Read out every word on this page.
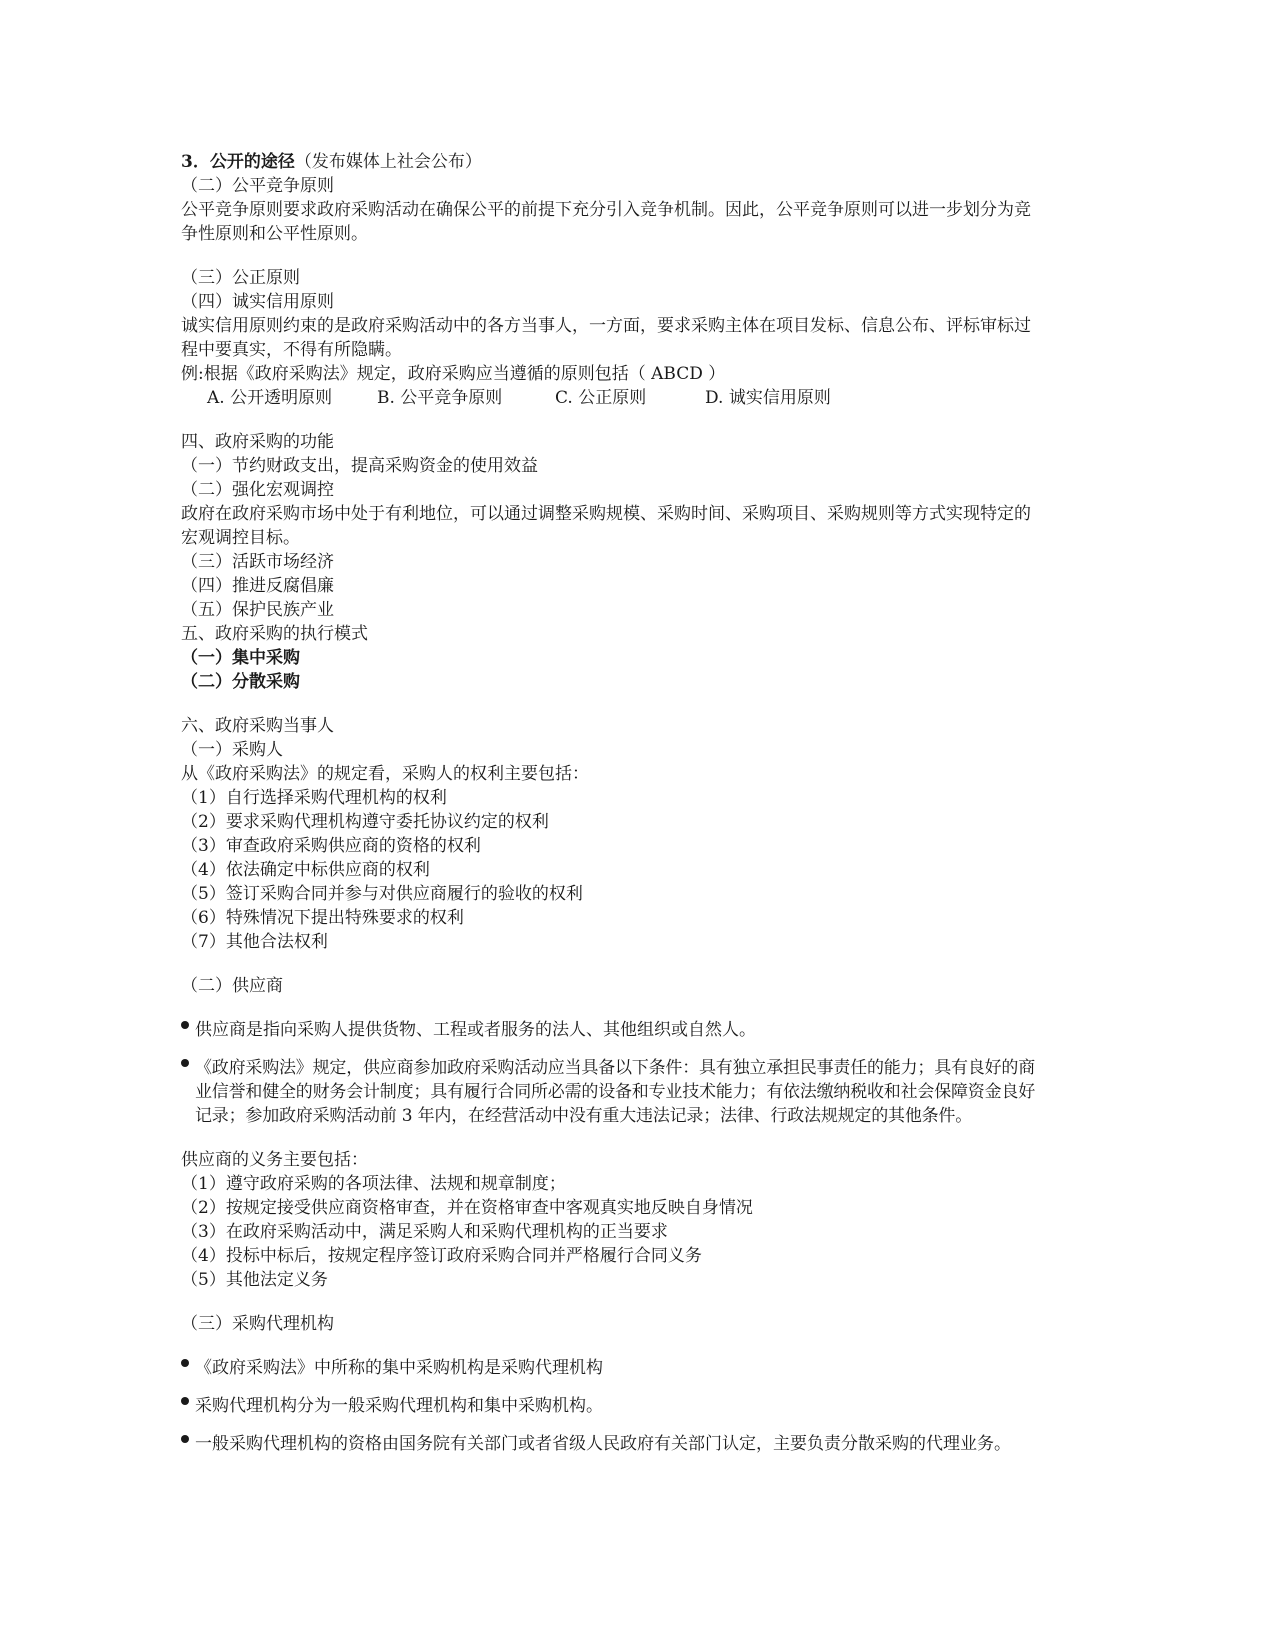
3．公开的途径（发布媒体上社会公布）
（二）公平竞争原则
公平竞争原则要求政府采购活动在确保公平的前提下充分引入竞争机制。因此，公平竞争原则可以进一步划分为竞争性原则和公平性原则。
（三）公正原则
（四）诚实信用原则
诚实信用原则约束的是政府采购活动中的各方当事人，一方面，要求采购主体在项目发标、信息公布、评标审标过程中要真实，不得有所隐瞒。
例:根据《政府采购法》规定，政府采购应当遵循的原则包括（ ABCD ）
A. 公开透明原则	B. 公平竞争原则	C. 公正原则	D. 诚实信用原则
四、政府采购的功能
（一）节约财政支出，提高采购资金的使用效益
（二）强化宏观调控
政府在政府采购市场中处于有利地位，可以通过调整采购规模、采购时间、采购项目、采购规则等方式实现特定的宏观调控目标。
（三）活跃市场经济
（四）推进反腐倡廉
（五）保护民族产业
五、政府采购的执行模式
（一）集中采购
（二）分散采购
六、政府采购当事人
（一）采购人
从《政府采购法》的规定看，采购人的权利主要包括：
（1）自行选择采购代理机构的权利
（2）要求采购代理机构遵守委托协议约定的权利
（3）审查政府采购供应商的资格的权利
（4）依法确定中标供应商的权利
（5）签订采购合同并参与对供应商履行的验收的权利
（6）特殊情况下提出特殊要求的权利
（7）其他合法权利
（二）供应商
供应商是指向采购人提供货物、工程或者服务的法人、其他组织或自然人。
《政府采购法》规定，供应商参加政府采购活动应当具备以下条件：具有独立承担民事责任的能力；具有良好的商业信誉和健全的财务会计制度；具有履行合同所必需的设备和专业技术能力；有依法缴纳税收和社会保障资金良好记录；参加政府采购活动前 3 年内，在经营活动中没有重大违法记录；法律、行政法规规定的其他条件。
供应商的义务主要包括：
（1）遵守政府采购的各项法律、法规和规章制度；
（2）按规定接受供应商资格审查，并在资格审查中客观真实地反映自身情况
（3）在政府采购活动中，满足采购人和采购代理机构的正当要求
（4）投标中标后，按规定程序签订政府采购合同并严格履行合同义务
（5）其他法定义务
（三）采购代理机构
《政府采购法》中所称的集中采购机构是采购代理机构
采购代理机构分为一般采购代理机构和集中采购机构。
一般采购代理机构的资格由国务院有关部门或者省级人民政府有关部门认定，主要负责分散采购的代理业务。
